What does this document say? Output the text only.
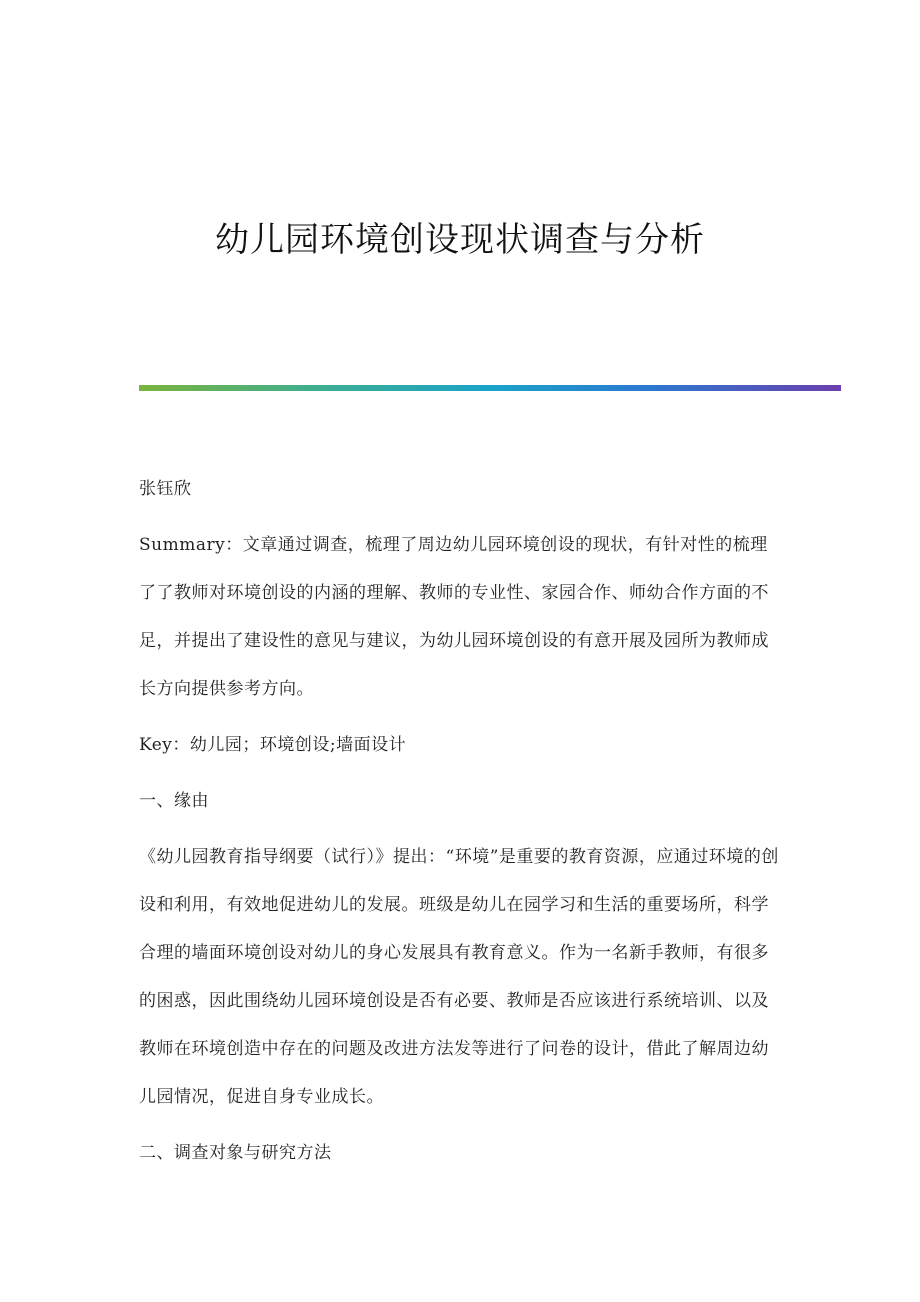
幼儿园环境创设现状调查与分析

张钰欣

Summary：文章通过调查，梳理了周边幼儿园环境创设的现状，有针对性的梳理了了教师对环境创设的内涵的理解、教师的专业性、家园合作、师幼合作方面的不足，并提出了建设性的意见与建议，为幼儿园环境创设的有意开展及园所为教师成长方向提供参考方向。

Key：幼儿园；环境创设;墙面设计

一、缘由

《幼儿园教育指导纲要（试行）》提出：“环境”是重要的教育资源，应通过环境的创设和利用，有效地促进幼儿的发展。班级是幼儿在园学习和生活的重要场所，科学合理的墙面环境创设对幼儿的身心发展具有教育意义。作为一名新手教师，有很多的困惑，因此围绕幼儿园环境创设是否有必要、教师是否应该进行系统培训、以及教师在环境创造中存在的问题及改进方法发等进行了问卷的设计，借此了解周边幼儿园情况，促进自身专业成长。

二、调查对象与研究方法
